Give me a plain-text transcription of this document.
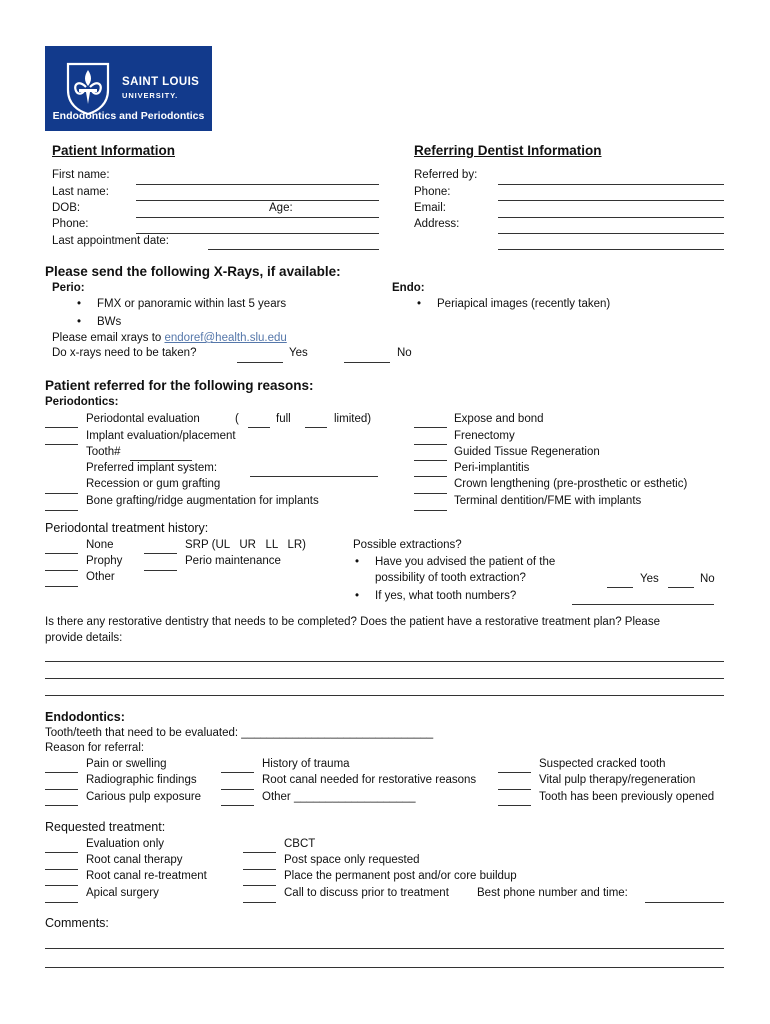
SAINT LOUIS
UNIVERSITY.
Endodontics and Periodontics
Patient Information
First name:
Last name:
DOB:	Age:
Phone:
Last appointment date:
Referring Dentist Information
Referred by:
Phone:
Email:
Address:
Please send the following X-Rays, if available:
Perio:
• FMX or panoramic within last 5 years
• BWs
Endo:
• Periapical images (recently taken)
Please email xrays to endoref@health.slu.edu
Do x-rays need to be taken?	Yes	No
Patient referred for the following reasons:
Periodontics:
Periodontal evaluation	(	full	limited)
Implant evaluation/placement
Tooth#
Preferred implant system:
Recession or gum grafting
Bone grafting/ridge augmentation for implants
Expose and bond
Frenectomy
Guided Tissue Regeneration
Peri-implantitis
Crown lengthening (pre-prosthetic or esthetic)
Terminal dentition/FME with implants
Periodontal treatment history:
None
Prophy
Other
SRP (UL   UR   LL   LR)
Perio maintenance
Possible extractions?
• Have you advised the patient of the
possibility of tooth extraction?	Yes	No
• If yes, what tooth numbers?
Is there any restorative dentistry that needs to be completed? Does the patient have a restorative treatment plan? Please
provide details:
Endodontics:
Tooth/teeth that need to be evaluated: ______________________________
Reason for referral:
Pain or swelling
Radiographic findings
Carious pulp exposure
History of trauma
Root canal needed for restorative reasons
Other ___________________
Suspected cracked tooth
Vital pulp therapy/regeneration
Tooth has been previously opened
Requested treatment:
Evaluation only
Root canal therapy
Root canal re-treatment
Apical surgery
CBCT
Post space only requested
Place the permanent post and/or core buildup
Call to discuss prior to treatment Best phone number and time:
Comments:
